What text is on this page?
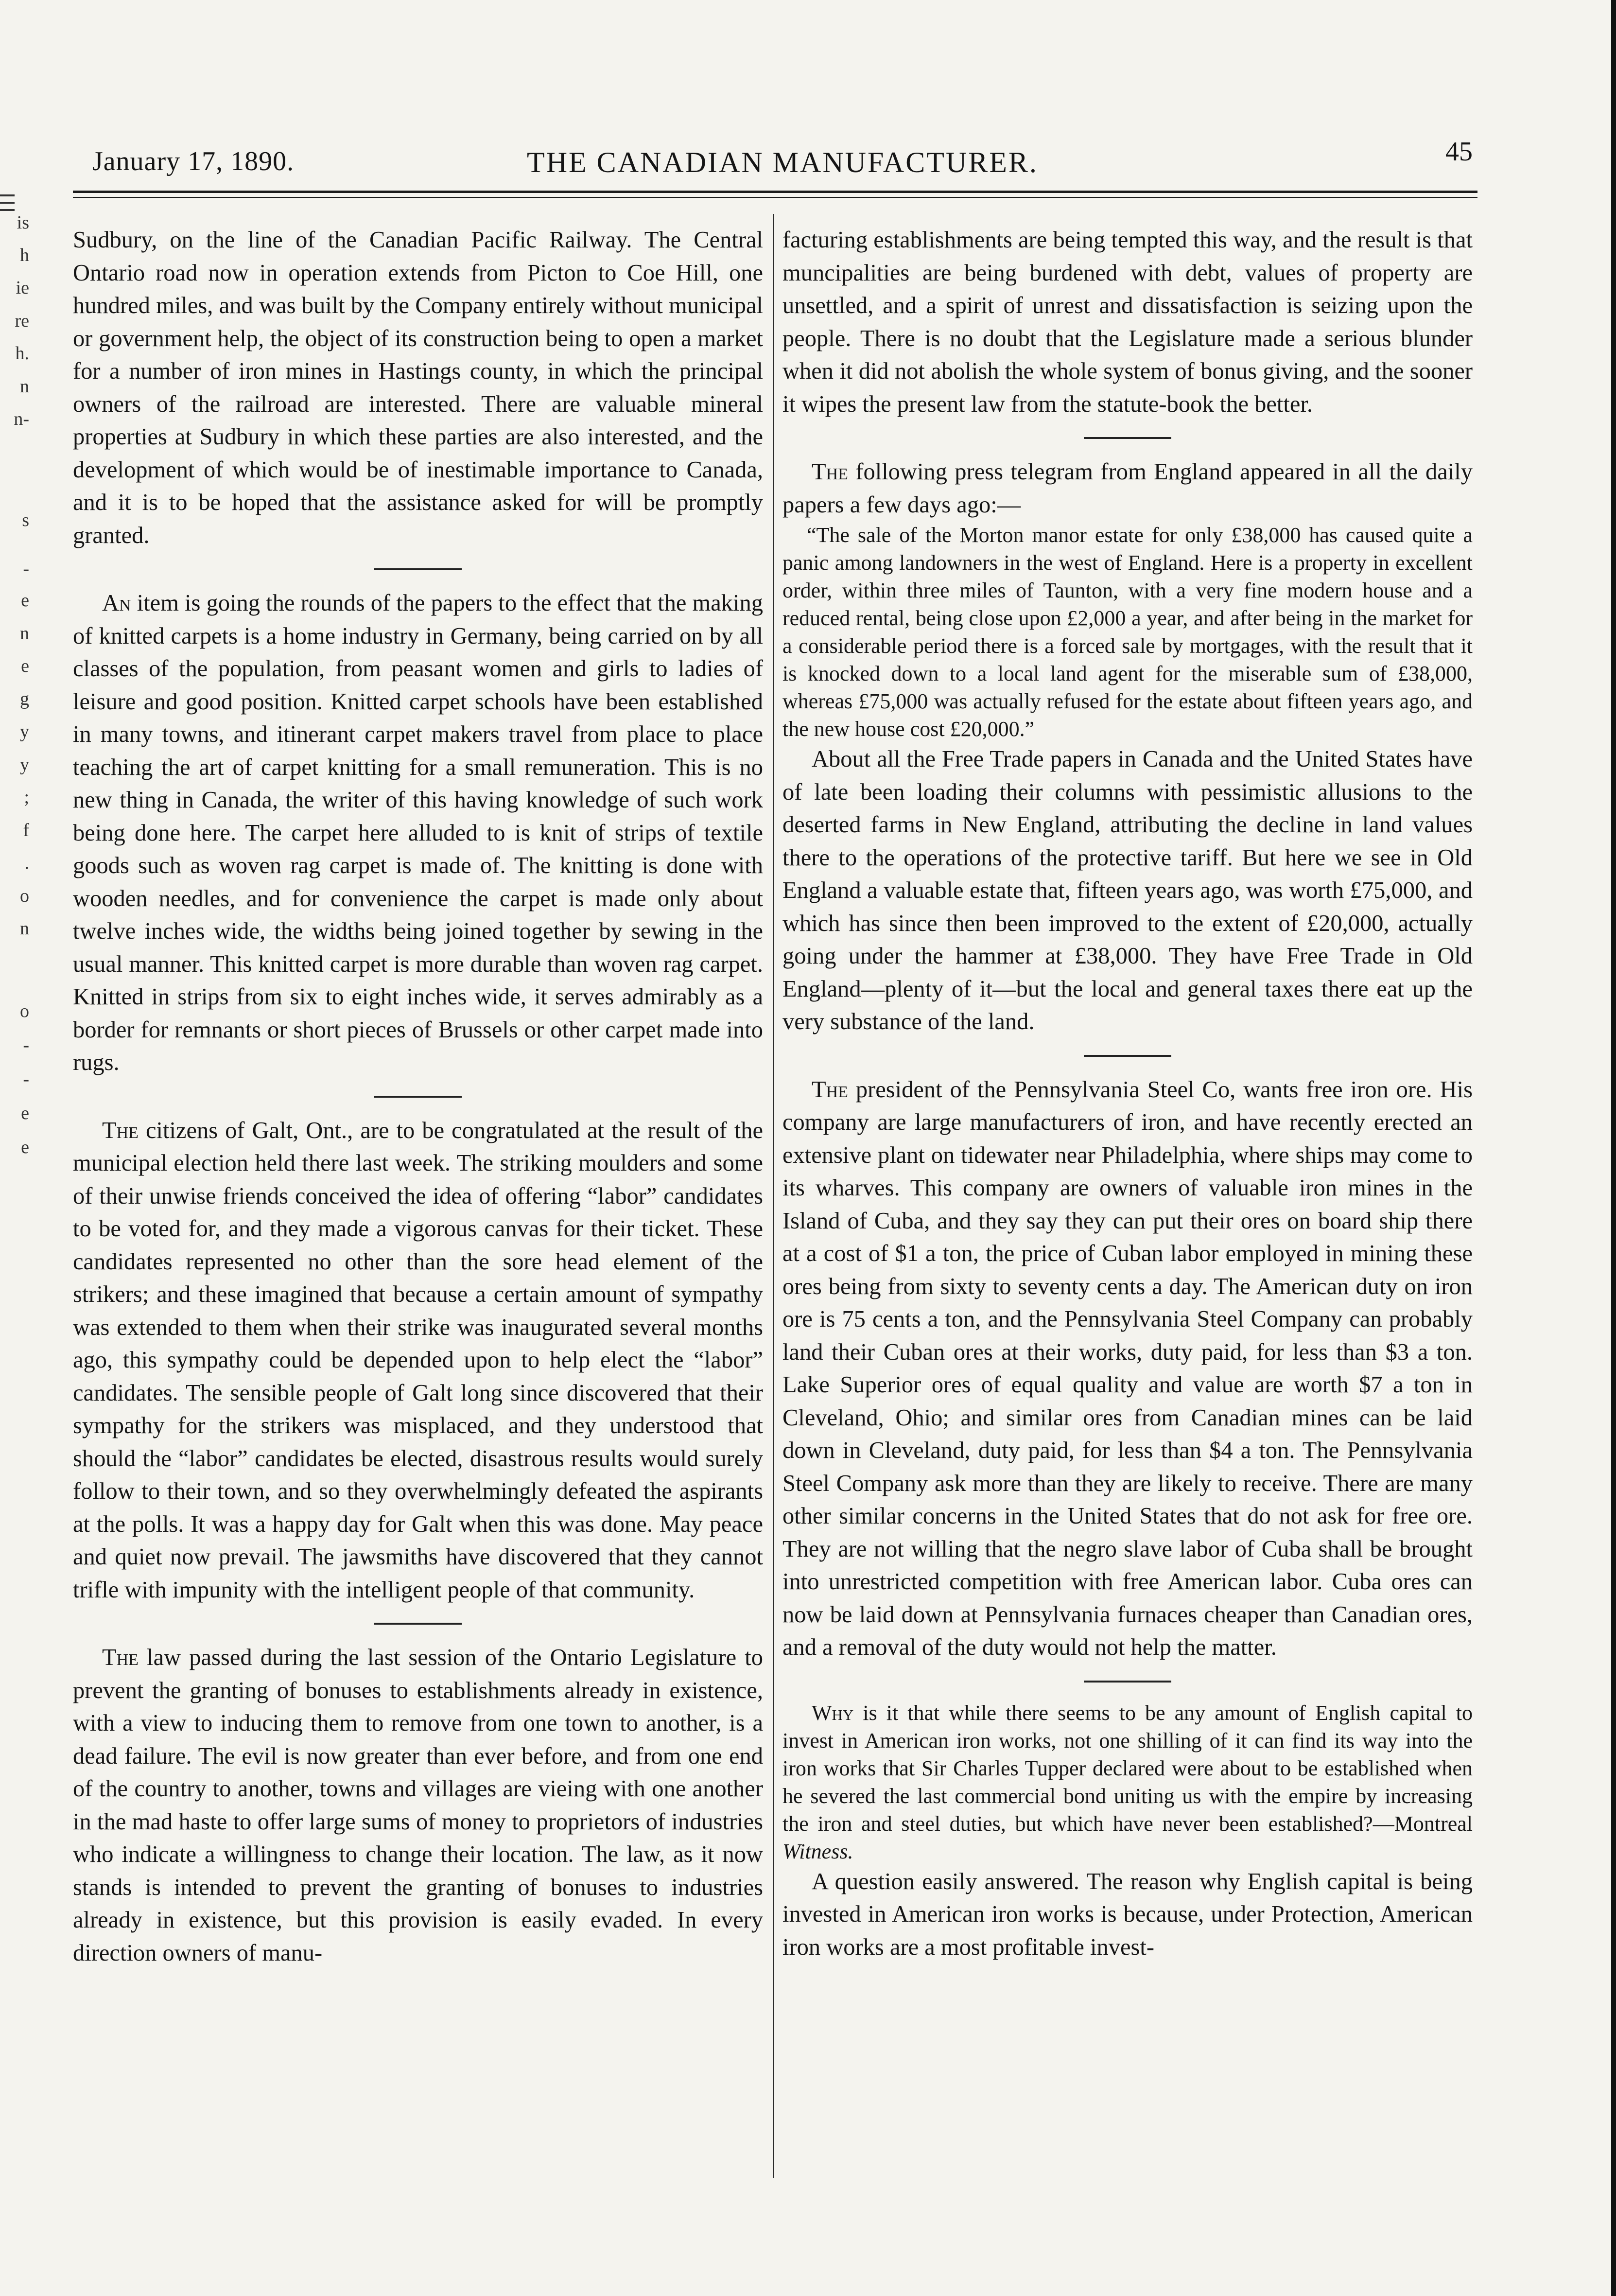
is
h
ie
re
h.
n
n-
s
-
e
n
e
g
y
y
;
f
.
o
n
o
-
-
e
e
January 17, 1890.	THE CANADIAN MANUFACTURER.	45

Sudbury, on the line of the Canadian Pacific Railway. The Central Ontario road now in operation extends from Picton to Coe Hill, one hundred miles, and was built by the Company entirely without municipal or government help, the object of its construction being to open a market for a number of iron mines in Hastings county, in which the principal owners of the railroad are interested. There are valuable mineral properties at Sudbury in which these parties are also interested, and the development of which would be of inestimable importance to Canada, and it is to be hoped that the assistance asked for will be promptly granted.

An item is going the rounds of the papers to the effect that the making of knitted carpets is a home industry in Germany, being carried on by all classes of the population, from peasant women and girls to ladies of leisure and good position. Knitted carpet schools have been established in many towns, and itinerant carpet makers travel from place to place teaching the art of carpet knitting for a small remuneration. This is no new thing in Canada, the writer of this having knowledge of such work being done here. The carpet here alluded to is knit of strips of textile goods such as woven rag carpet is made of. The knitting is done with wooden needles, and for convenience the carpet is made only about twelve inches wide, the widths being joined together by sewing in the usual manner. This knitted carpet is more durable than woven rag carpet. Knitted in strips from six to eight inches wide, it serves admirably as a border for remnants or short pieces of Brussels or other carpet made into rugs.

The citizens of Galt, Ont., are to be congratulated at the result of the municipal election held there last week. The striking moulders and some of their unwise friends conceived the idea of offering “labor” candidates to be voted for, and they made a vigorous canvas for their ticket. These candidates represented no other than the sore head element of the strikers; and these imagined that because a certain amount of sympathy was extended to them when their strike was inaugurated several months ago, this sympathy could be depended upon to help elect the “labor” candidates. The sensible people of Galt long since discovered that their sympathy for the strikers was misplaced, and they understood that should the “labor” candidates be elected, disastrous results would surely follow to their town, and so they overwhelmingly defeated the aspirants at the polls. It was a happy day for Galt when this was done. May peace and quiet now prevail. The jawsmiths have discovered that they cannot trifle with impunity with the intelligent people of that community.

The law passed during the last session of the Ontario Legislature to prevent the granting of bonuses to establishments already in existence, with a view to inducing them to remove from one town to another, is a dead failure. The evil is now greater than ever before, and from one end of the country to another, towns and villages are vieing with one another in the mad haste to offer large sums of money to proprietors of industries who indicate a willingness to change their location. The law, as it now stands is intended to prevent the granting of bonuses to industries already in existence, but this provision is easily evaded. In every direction owners of manu-

facturing establishments are being tempted this way, and the result is that muncipalities are being burdened with debt, values of property are unsettled, and a spirit of unrest and dissatisfaction is seizing upon the people. There is no doubt that the Legislature made a serious blunder when it did not abolish the whole system of bonus giving, and the sooner it wipes the present law from the statute-book the better.

The following press telegram from England appeared in all the daily papers a few days ago:—

“The sale of the Morton manor estate for only £38,000 has caused quite a panic among landowners in the west of England. Here is a property in excellent order, within three miles of Taunton, with a very fine modern house and a reduced rental, being close upon £2,000 a year, and after being in the market for a considerable period there is a forced sale by mortgages, with the result that it is knocked down to a local land agent for the miserable sum of £38,000, whereas £75,000 was actually refused for the estate about fifteen years ago, and the new house cost £20,000.”

About all the Free Trade papers in Canada and the United States have of late been loading their columns with pessimistic allusions to the deserted farms in New England, attributing the decline in land values there to the operations of the protective tariff. But here we see in Old England a valuable estate that, fifteen years ago, was worth £75,000, and which has since then been improved to the extent of £20,000, actually going under the hammer at £38,000. They have Free Trade in Old England—plenty of it—but the local and general taxes there eat up the very substance of the land.

The president of the Pennsylvania Steel Co, wants free iron ore. His company are large manufacturers of iron, and have recently erected an extensive plant on tidewater near Philadelphia, where ships may come to its wharves. This company are owners of valuable iron mines in the Island of Cuba, and they say they can put their ores on board ship there at a cost of $1 a ton, the price of Cuban labor employed in mining these ores being from sixty to seventy cents a day. The American duty on iron ore is 75 cents a ton, and the Pennsylvania Steel Company can probably land their Cuban ores at their works, duty paid, for less than $3 a ton. Lake Superior ores of equal quality and value are worth $7 a ton in Cleveland, Ohio; and similar ores from Canadian mines can be laid down in Cleveland, duty paid, for less than $4 a ton. The Pennsylvania Steel Company ask more than they are likely to receive. There are many other similar concerns in the United States that do not ask for free ore. They are not willing that the negro slave labor of Cuba shall be brought into unrestricted competition with free American labor. Cuba ores can now be laid down at Pennsylvania furnaces cheaper than Canadian ores, and a removal of the duty would not help the matter.

Why is it that while there seems to be any amount of English capital to invest in American iron works, not one shilling of it can find its way into the iron works that Sir Charles Tupper declared were about to be established when he severed the last commercial bond uniting us with the empire by increasing the iron and steel duties, but which have never been established?—Montreal Witness.

A question easily answered. The reason why English capital is being invested in American iron works is because, under Protection, American iron works are a most profitable invest-
